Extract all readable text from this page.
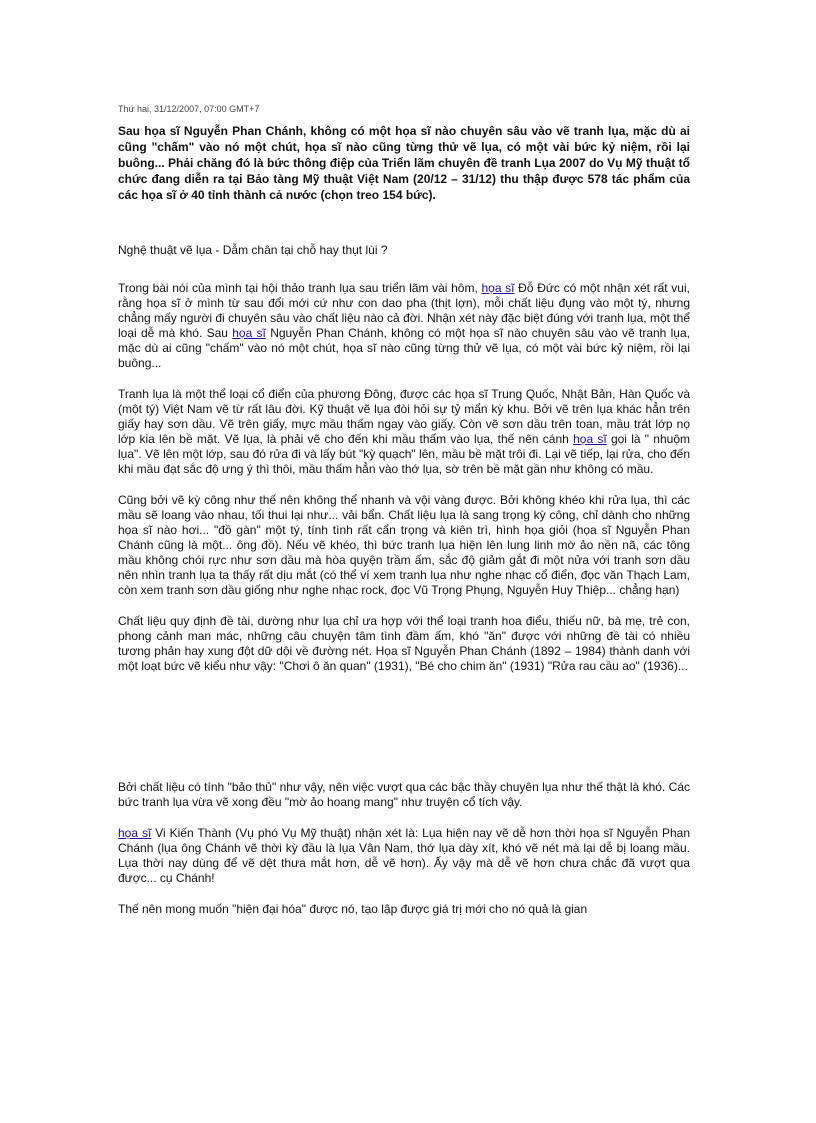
Thứ hai, 31/12/2007, 07:00 GMT+7

Sau họa sĩ Nguyễn Phan Chánh, không có một họa sĩ nào chuyên sâu vào vẽ tranh lụa, mặc dù ai cũng "chấm" vào nó một chút, họa sĩ nào cũng từng thử vẽ lụa, có một vài bức kỷ niệm, rồi lại buông... Phải chăng đó là bức thông điệp của Triển lãm chuyên đề tranh Lụa 2007 do Vụ Mỹ thuật tổ chức đang diễn ra tại Bảo tàng Mỹ thuật Việt Nam (20/12 – 31/12) thu thập được 578 tác phẩm của các họa sĩ ở 40 tỉnh thành cả nước (chọn treo 154 bức).

Nghệ thuật vẽ lụa - Dẫm chân tại chỗ hay thụt lùi ?

Trong bài nói của mình tại hội thảo tranh lụa sau triển lãm vài hôm, họa sĩ Đỗ Đức có một nhận xét rất vui, rằng họa sĩ ở mình từ sau đổi mới cứ như con dao pha (thịt lợn), mỗi chất liệu đụng vào một tý, nhưng chẳng mấy người đi chuyên sâu vào chất liệu nào cả đời. Nhận xét này đặc biệt đúng với tranh lụa, một thể loại dễ mà khó. Sau họa sĩ Nguyễn Phan Chánh, không có một họa sĩ nào chuyên sâu vào vẽ tranh lụa, mặc dù ai cũng "chấm" vào nó một chút, họa sĩ nào cũng từng thử vẽ lụa, có một vài bức kỷ niệm, rồi lại buông...

Tranh lụa là một thể loại cổ điển của phương Đông, được các họa sĩ Trung Quốc, Nhật Bản, Hàn Quốc và (một tý) Việt Nam vẽ từ rất lâu đời. Kỹ thuật vẽ lụa đòi hỏi sự tỷ mẩn kỳ khu. Bởi vẽ trên lụa khác hẳn trên giấy hay sơn dầu. Vẽ trên giấy, mực mầu thấm ngay vào giấy. Còn vẽ sơn dầu trên toan, mầu trát lớp nọ lớp kia lên bề mặt. Vẽ lụa, là phải vẽ cho đến khi mầu thấm vào lụa, thế nên cánh họa sĩ gọi là " nhuộm lụa". Vẽ lên một lớp, sau đó rửa đi và lấy bút "kỳ quạch" lên, mầu bề mặt trôi đi. Lại vẽ tiếp, lại rửa, cho đến khi mầu đạt sắc độ ưng ý thì thôi, mầu thấm hẳn vào thớ lụa, sờ trên bề mặt gần như không có mầu.

Cũng bởi vẽ kỳ công như thế nên không thể nhanh và vội vàng được. Bởi không khéo khi rửa lụa, thì các mầu sẽ loang vào nhau, tối thui lại như... vải bẩn. Chất liệu lụa là sang trọng kỳ công, chỉ dành cho những họa sĩ nào hơi... "đồ gàn" một tý, tính tình rất cẩn trọng và kiên trì, hình họa giỏi (họa sĩ Nguyễn Phan Chánh cũng là một... ông đồ). Nếu vẽ khéo, thì bức tranh lụa hiện lên lung linh mờ ảo nền nã, các tông mầu không chói rực như sơn dầu mà hòa quyện trầm ấm, sắc độ giảm gắt đi một nửa với tranh sơn dầu nên nhìn tranh lụa ta thấy rất dịu mắt (có thể ví xem tranh lụa như nghe nhạc cổ điển, đọc văn Thạch Lam, còn xem tranh sơn dầu giống như nghe nhạc rock, đọc Vũ Trọng Phụng, Nguyễn Huy Thiệp... chẳng hạn)

Chất liệu quy định đề tài, dường như lụa chỉ ưa hợp với thể loại tranh hoa điểu, thiếu nữ, bà mẹ, trẻ con, phong cảnh man mác, những câu chuyện tâm tình đầm ấm, khó "ăn" được với những đề tài có nhiều tương phản hay xung đột dữ dội về đường nét. Họa sĩ Nguyễn Phan Chánh (1892 – 1984) thành danh với một loạt bức vẽ kiểu như vậy: "Chơi ô ăn quan" (1931), "Bé cho chim ăn" (1931) "Rửa rau cầu ao" (1936)...

Bởi chất liệu có tính "bảo thủ" như vậy, nên việc vượt qua các bậc thầy chuyên lụa như thế thật là khó. Các bức tranh lụa vừa vẽ xong đều "mờ ảo hoang mang" như truyện cổ tích vậy.

họa sĩ Vi Kiến Thành (Vụ phó Vụ Mỹ thuật) nhận xét là: Lụa hiện nay vẽ dễ hơn thời họa sĩ Nguyễn Phan Chánh (lụa ông Chánh vẽ thời kỳ đầu là lụa Vân Nam, thớ lụa dày xít, khó vẽ nét mà lại dễ bị loang mầu. Lụa thời nay dùng để vẽ dệt thưa mắt hơn, dễ vẽ hơn). Ấy vậy mà dễ vẽ hơn chưa chắc đã vượt qua được... cụ Chánh!

Thế nên mong muốn "hiện đại hóa" được nó, tạo lập được giá trị mới cho nó quả là gian
